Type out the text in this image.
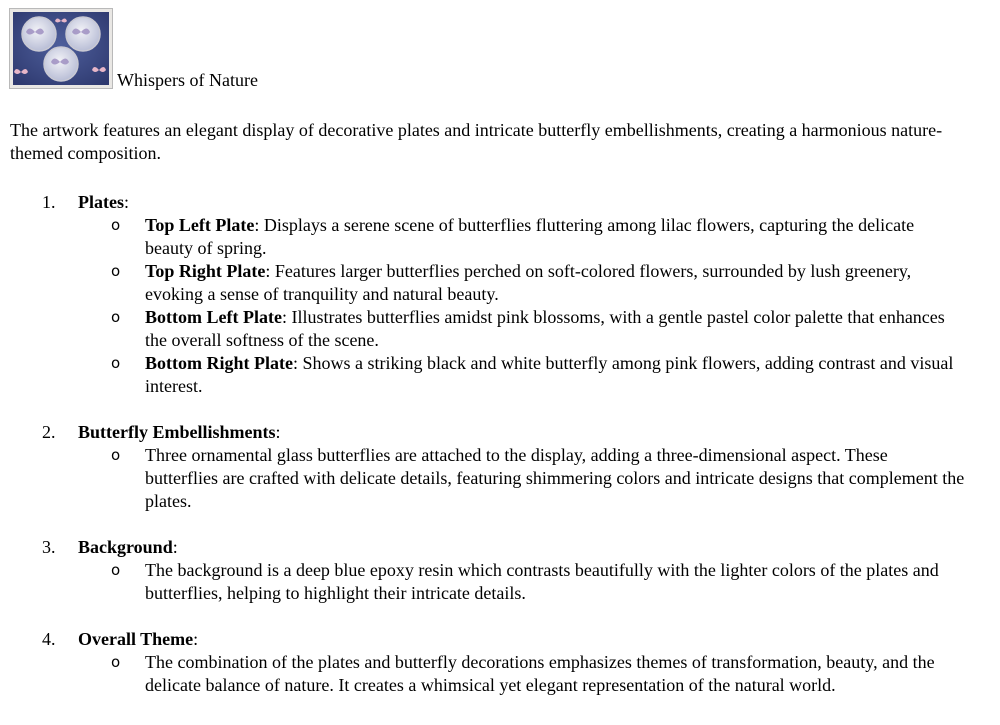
Whispers of Nature

The artwork features an elegant display of decorative plates and intricate butterfly embellishments, creating a harmonious nature-themed composition.

1.	Plates:
o Top Left Plate: Displays a serene scene of butterflies fluttering among lilac flowers, capturing the delicate beauty of spring.
o Top Right Plate: Features larger butterflies perched on soft-colored flowers, surrounded by lush greenery, evoking a sense of tranquility and natural beauty.
o Bottom Left Plate: Illustrates butterflies amidst pink blossoms, with a gentle pastel color palette that enhances the overall softness of the scene.
o Bottom Right Plate: Shows a striking black and white butterfly among pink flowers, adding contrast and visual interest.
2.	Butterfly Embellishments:
o Three ornamental glass butterflies are attached to the display, adding a three-dimensional aspect. These butterflies are crafted with delicate details, featuring shimmering colors and intricate designs that complement the plates.
3.	Background:
o The background is a deep blue epoxy resin which contrasts beautifully with the lighter colors of the plates and butterflies, helping to highlight their intricate details.
4.	Overall Theme:
o The combination of the plates and butterfly decorations emphasizes themes of transformation, beauty, and the delicate balance of nature. It creates a whimsical yet elegant representation of the natural world.
